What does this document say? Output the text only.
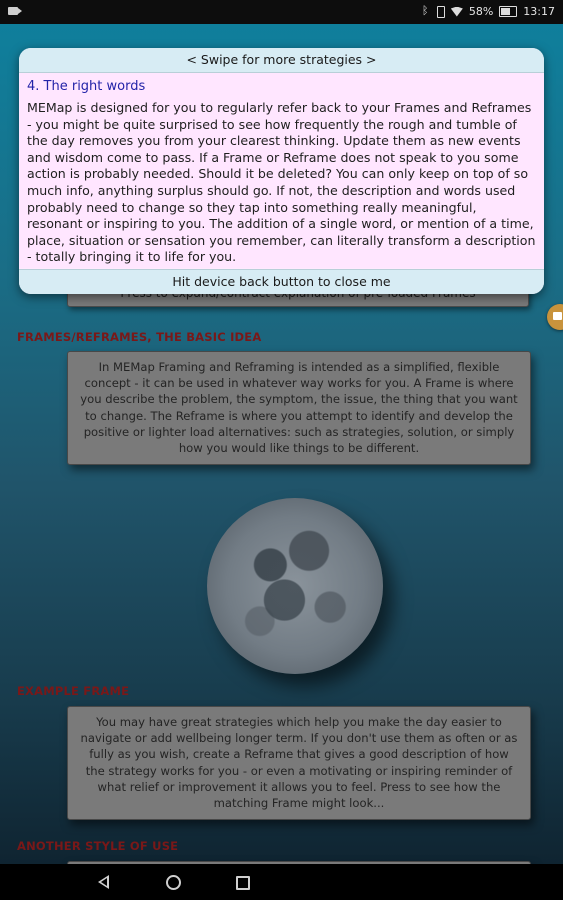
ᛒ
58%	13:17
FRAMES/REFRAMES, THE BASIC IDEA
In MEMap Framing and Reframing is intended as a simplified, flexible concept - it can be used in whatever way works for you. A Frame is where you describe the problem, the symptom, the issue, the thing that you want to change. The Reframe is where you attempt to identify and develop the positive or lighter load alternatives: such as strategies, solution, or simply how you would like things to be different.
EXAMPLE FRAME
You may have great strategies which help you make the day easier to navigate or add wellbeing longer term. If you don't use them as often or as fully as you wish, create a Reframe that gives a good description of how the strategy works for you - or even a motivating or inspiring reminder of what relief or improvement it allows you to feel. Press to see how the matching Frame might look...
ANOTHER STYLE OF USE
< Swipe for more strategies >
4. The right words

MEMap is designed for you to regularly refer back to your Frames and Reframes - you might be quite surprised to see how frequently the rough and tumble of the day removes you from your clearest thinking. Update them as new events and wisdom come to pass. If a Frame or Reframe does not speak to you some action is probably needed. Should it be deleted? You can only keep on top of so much info, anything surplus should go. If not, the description and words used probably need to change so they tap into something really meaningful, resonant or inspiring to you. The addition of a single word, or mention of a time, place, situation or sensation you remember, can literally transform a description - totally bringing it to life for you.

Hit device back button to close me
